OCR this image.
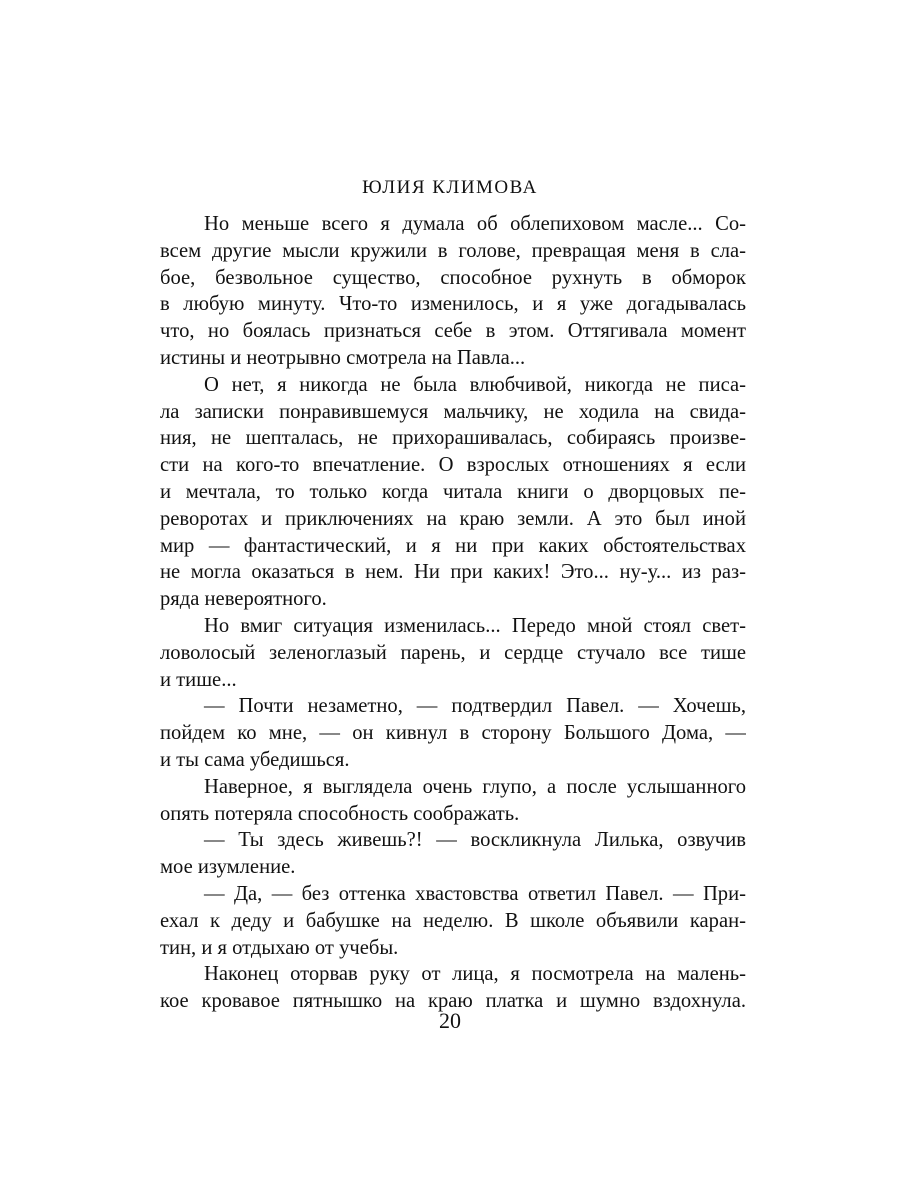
ЮЛИЯ КЛИМОВА
Но меньше всего я думала об облепиховом масле... Со-
всем другие мысли кружили в голове, превращая меня в сла-
бое, безвольное существо, способное рухнуть в обморок
в любую минуту. Что-то изменилось, и я уже догадывалась
что, но боялась признаться себе в этом. Оттягивала момент
истины и неотрывно смотрела на Павла...
О нет, я никогда не была влюбчивой, никогда не писа-
ла записки понравившемуся мальчику, не ходила на свида-
ния, не шепталась, не прихорашивалась, собираясь произве-
сти на кого-то впечатление. О взрослых отношениях я если
и мечтала, то только когда читала книги о дворцовых пе-
реворотах и приключениях на краю земли. А это был иной
мир — фантастический, и я ни при каких обстоятельствах
не могла оказаться в нем. Ни при каких! Это... ну-у... из раз-
ряда невероятного.
Но вмиг ситуация изменилась... Передо мной стоял свет-
ловолосый зеленоглазый парень, и сердце стучало все тише
и тише...
— Почти незаметно, — подтвердил Павел. — Хочешь,
пойдем ко мне, — он кивнул в сторону Большого Дома, —
и ты сама убедишься.
Наверное, я выглядела очень глупо, а после услышанного
опять потеряла способность соображать.
— Ты здесь живешь?! — воскликнула Лилька, озвучив
мое изумление.
— Да, — без оттенка хвастовства ответил Павел. — При-
ехал к деду и бабушке на неделю. В школе объявили каран-
тин, и я отдыхаю от учебы.
Наконец оторвав руку от лица, я посмотрела на малень-
кое кровавое пятнышко на краю платка и шумно вздохнула.
20
